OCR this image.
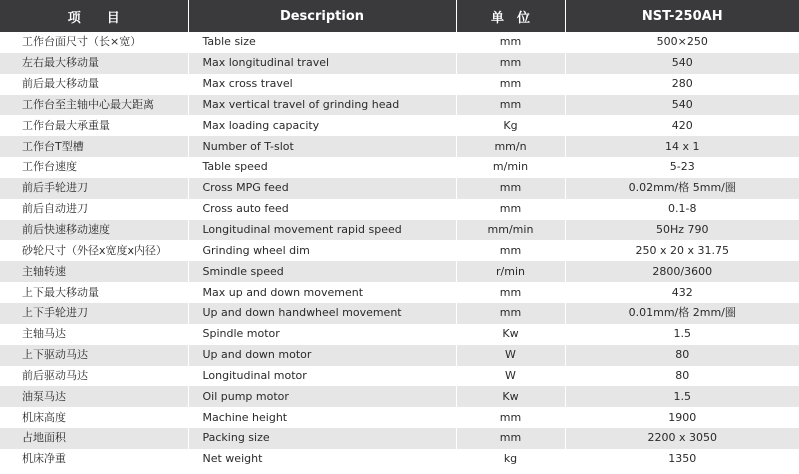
项　　目	Description	单　位	NST-250AH
工作台面尺寸（长×宽）	Table size	mm	500×250
左右最大移动量	Max longitudinal travel	mm	540
前后最大移动量	Max cross travel	mm	280
工作台至主轴中心最大距离	Max vertical travel of grinding head	mm	540
工作台最大承重量	Max loading capacity	Kg	420
工作台T型槽	Number of T-slot	mm/n	14 x 1
工作台速度	Table speed	m/min	5-23
前后手轮进刀	Cross MPG feed	mm	0.02mm/格 5mm/圈
前后自动进刀	Cross auto feed	mm	0.1-8
前后快速移动速度	Longitudinal movement rapid speed	mm/min	50Hz 790
砂轮尺寸（外径x宽度x内径）	Grinding wheel dim	mm	250 x 20 x 31.75
主轴转速	Smindle speed	r/min	2800/3600
上下最大移动量	Max up and down movement	mm	432
上下手轮进刀	Up and down handwheel movement	mm	0.01mm/格 2mm/圈
主轴马达	Spindle motor	Kw	1.5
上下驱动马达	Up and down motor	W	80
前后驱动马达	Longitudinal motor	W	80
油泵马达	Oil pump motor	Kw	1.5
机床高度	Machine height	mm	1900
占地面积	Packing size	mm	2200 x 3050
机床净重	Net weight	kg	1350
